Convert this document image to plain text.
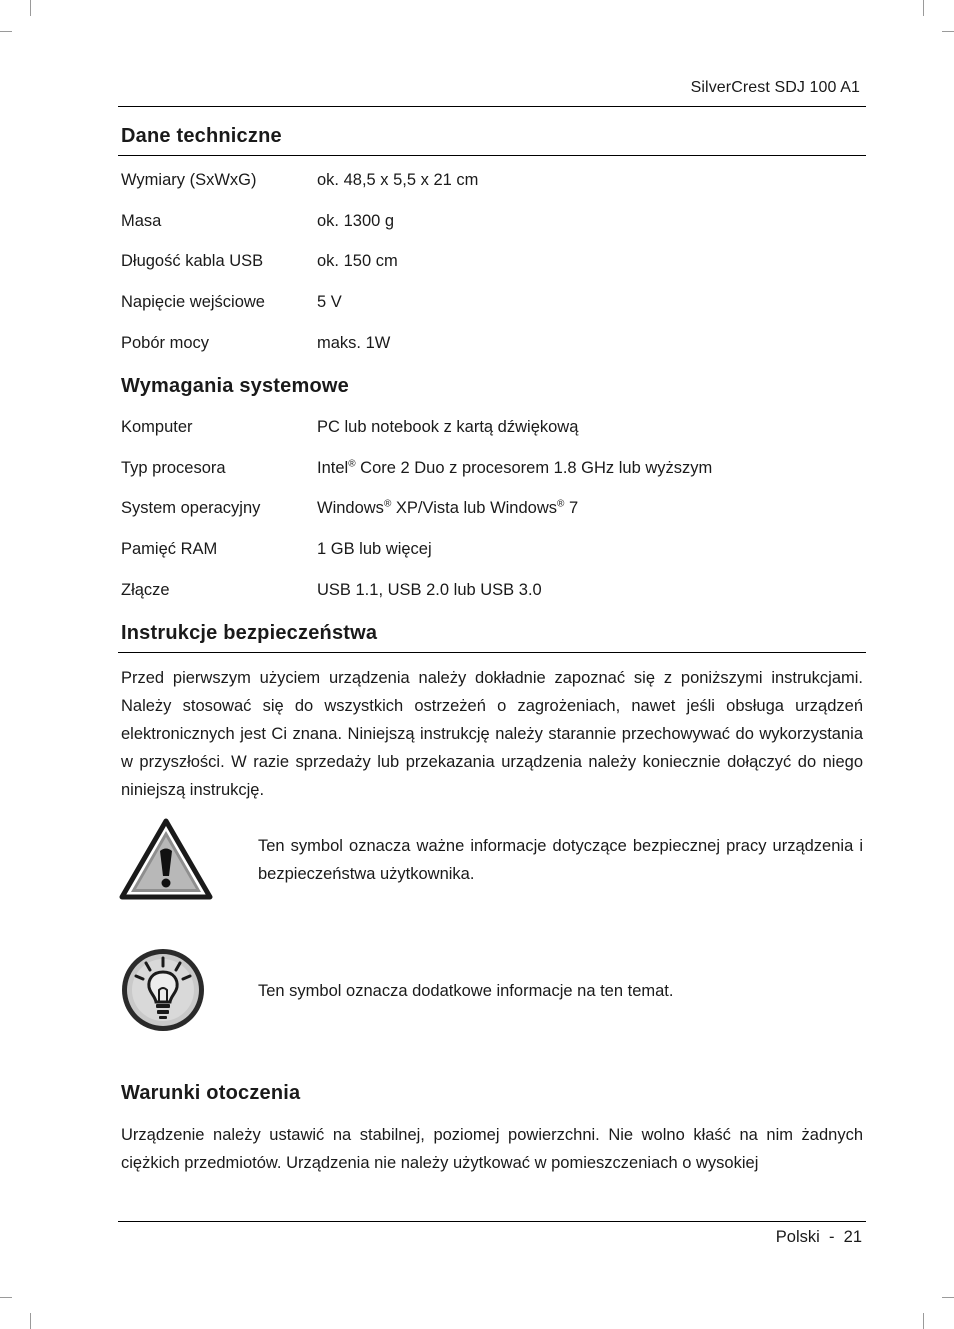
SilverCrest SDJ 100 A1
Dane techniczne
Wymiary (SxWxG)	ok. 48,5 x 5,5 x 21 cm
Masa	ok. 1300 g
Długość kabla USB	ok. 150 cm
Napięcie wejściowe	5 V
Pobór mocy	maks. 1W
Wymagania systemowe
Komputer	PC lub notebook z kartą dźwiękową
Typ procesora	Intel® Core 2 Duo z procesorem 1.8 GHz lub wyższym
System operacyjny	Windows® XP/Vista lub Windows® 7
Pamięć RAM	1 GB lub więcej
Złącze	USB 1.1, USB 2.0 lub USB 3.0
Instrukcje bezpieczeństwa

Przed pierwszym użyciem urządzenia należy dokładnie zapoznać się z poniższymi instrukcjami. Należy stosować się do wszystkich ostrzeżeń o zagrożeniach, nawet jeśli obsługa urządzeń elektronicznych jest Ci znana. Niniejszą instrukcję należy starannie przechowywać do wykorzystania w przyszłości. W razie sprzedaży lub przekazania urządzenia należy koniecznie dołączyć do niego niniejszą instrukcję.

Ten symbol oznacza ważne informacje dotyczące bezpiecznej pracy urządzenia i bezpieczeństwa użytkownika.

Ten symbol oznacza dodatkowe informacje na ten temat.

Warunki otoczenia

Urządzenie należy ustawić na stabilnej, poziomej powierzchni. Nie wolno kłaść na nim żadnych ciężkich przedmiotów. Urządzenia nie należy użytkować w pomieszczeniach o wysokiej

Polski  -  21
